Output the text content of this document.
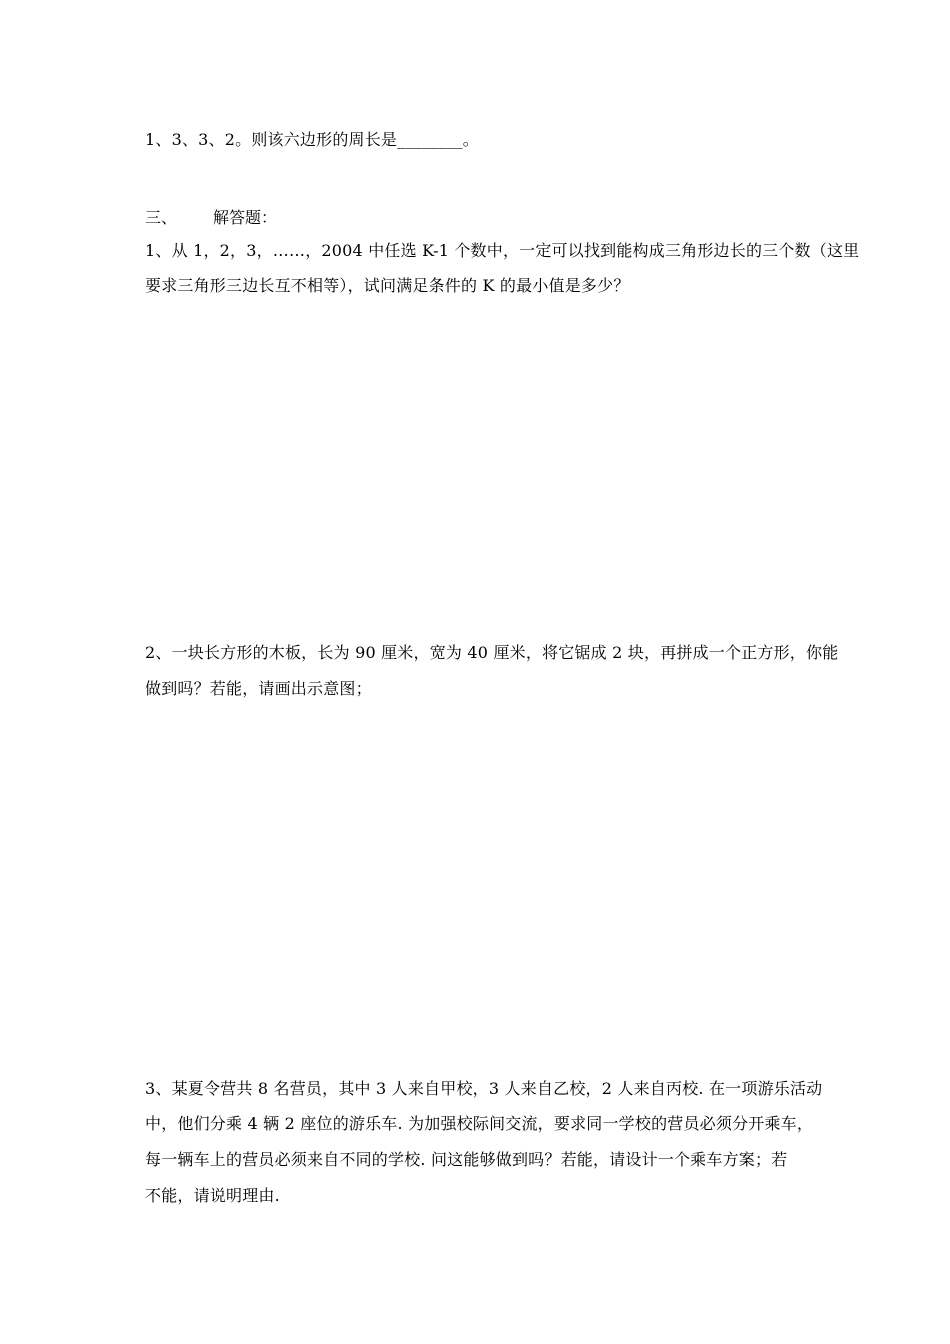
1、3、3、2。则该六边形的周长是________。
三、 解答题：
1、从 1，2，3，……，2004 中任选 K-1 个数中，一定可以找到能构成三角形边长的三个数（这里
要求三角形三边长互不相等），试问满足条件的 K 的最小值是多少？
2、一块长方形的木板，长为 90 厘米，宽为 40 厘米，将它锯成 2 块，再拼成一个正方形，你能
做到吗？若能，请画出示意图；
3、某夏令营共 8 名营员，其中 3 人来自甲校，3 人来自乙校，2 人来自丙校. 在一项游乐活动
中，他们分乘 4 辆 2 座位的游乐车. 为加强校际间交流，要求同一学校的营员必须分开乘车，
每一辆车上的营员必须来自不同的学校. 问这能够做到吗？若能，请设计一个乘车方案；若
不能，请说明理由.
